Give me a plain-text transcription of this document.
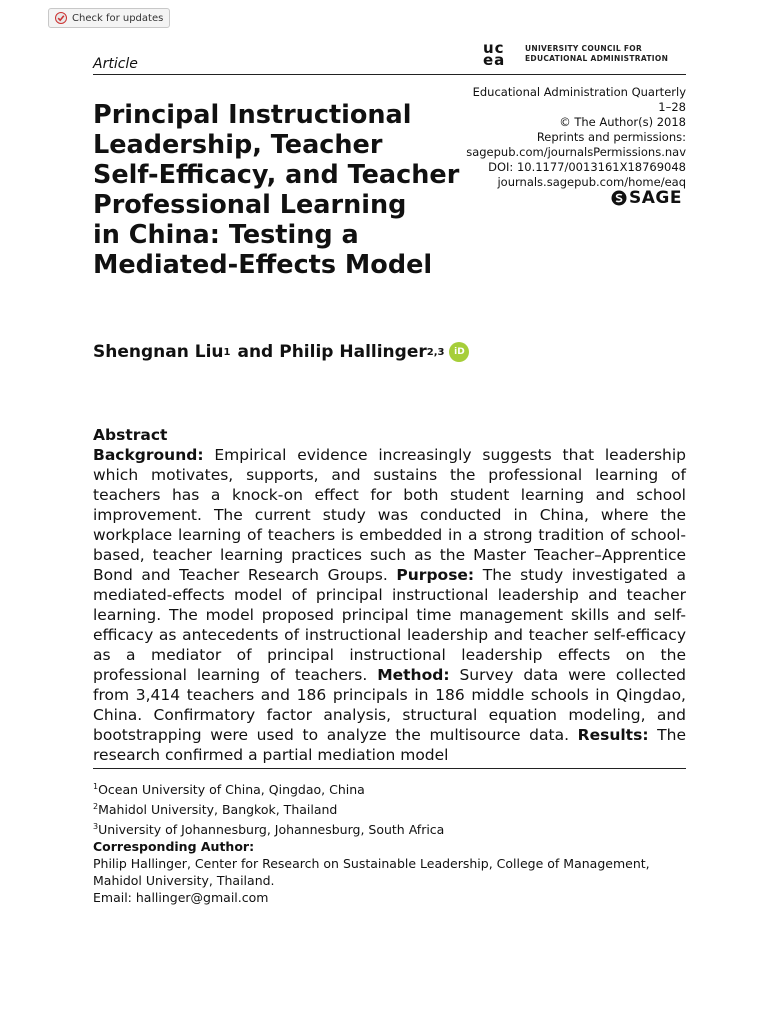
Check for updates
Article
ucea
UNIVERSITY COUNCIL FOR
EDUCATIONAL ADMINISTRATION
Educational Administration Quarterly
1–28
© The Author(s) 2018
Reprints and permissions:
sagepub.com/journalsPermissions.nav
DOI: 10.1177/0013161X18769048
journals.sagepub.com/home/eaq
SAGE
Principal Instructional
Leadership, Teacher
Self-Efficacy, and Teacher
Professional Learning
in China: Testing a
Mediated-Effects Model
Shengnan Liu 1 and Philip Hallinger 2,3 iD
Abstract
Background: Empirical evidence increasingly suggests that leadership which motivates, supports, and sustains the professional learning of teachers has a knock-on effect for both student learning and school improvement. The current study was conducted in China, where the workplace learning of teachers is embedded in a strong tradition of school-based, teacher learning practices such as the Master Teacher–Apprentice Bond and Teacher Research Groups. Purpose: The study investigated a mediated-effects model of principal instructional leadership and teacher learning. The model proposed principal time management skills and self-efficacy as antecedents of instructional leadership and teacher self-efficacy as a mediator of principal instructional leadership effects on the professional learning of teachers. Method: Survey data were collected from 3,414 teachers and 186 principals in 186 middle schools in Qingdao, China. Confirmatory factor analysis, structural equation modeling, and bootstrapping were used to analyze the multisource data. Results: The research confirmed a partial mediation model
$^1$Ocean University of China, Qingdao, China
$^2$Mahidol University, Bangkok, Thailand
$^3$University of Johannesburg, Johannesburg, South Africa
Corresponding Author:
Philip Hallinger, Center for Research on Sustainable Leadership, College of Management,
Mahidol University, Thailand.
Email: hallinger@gmail.com
